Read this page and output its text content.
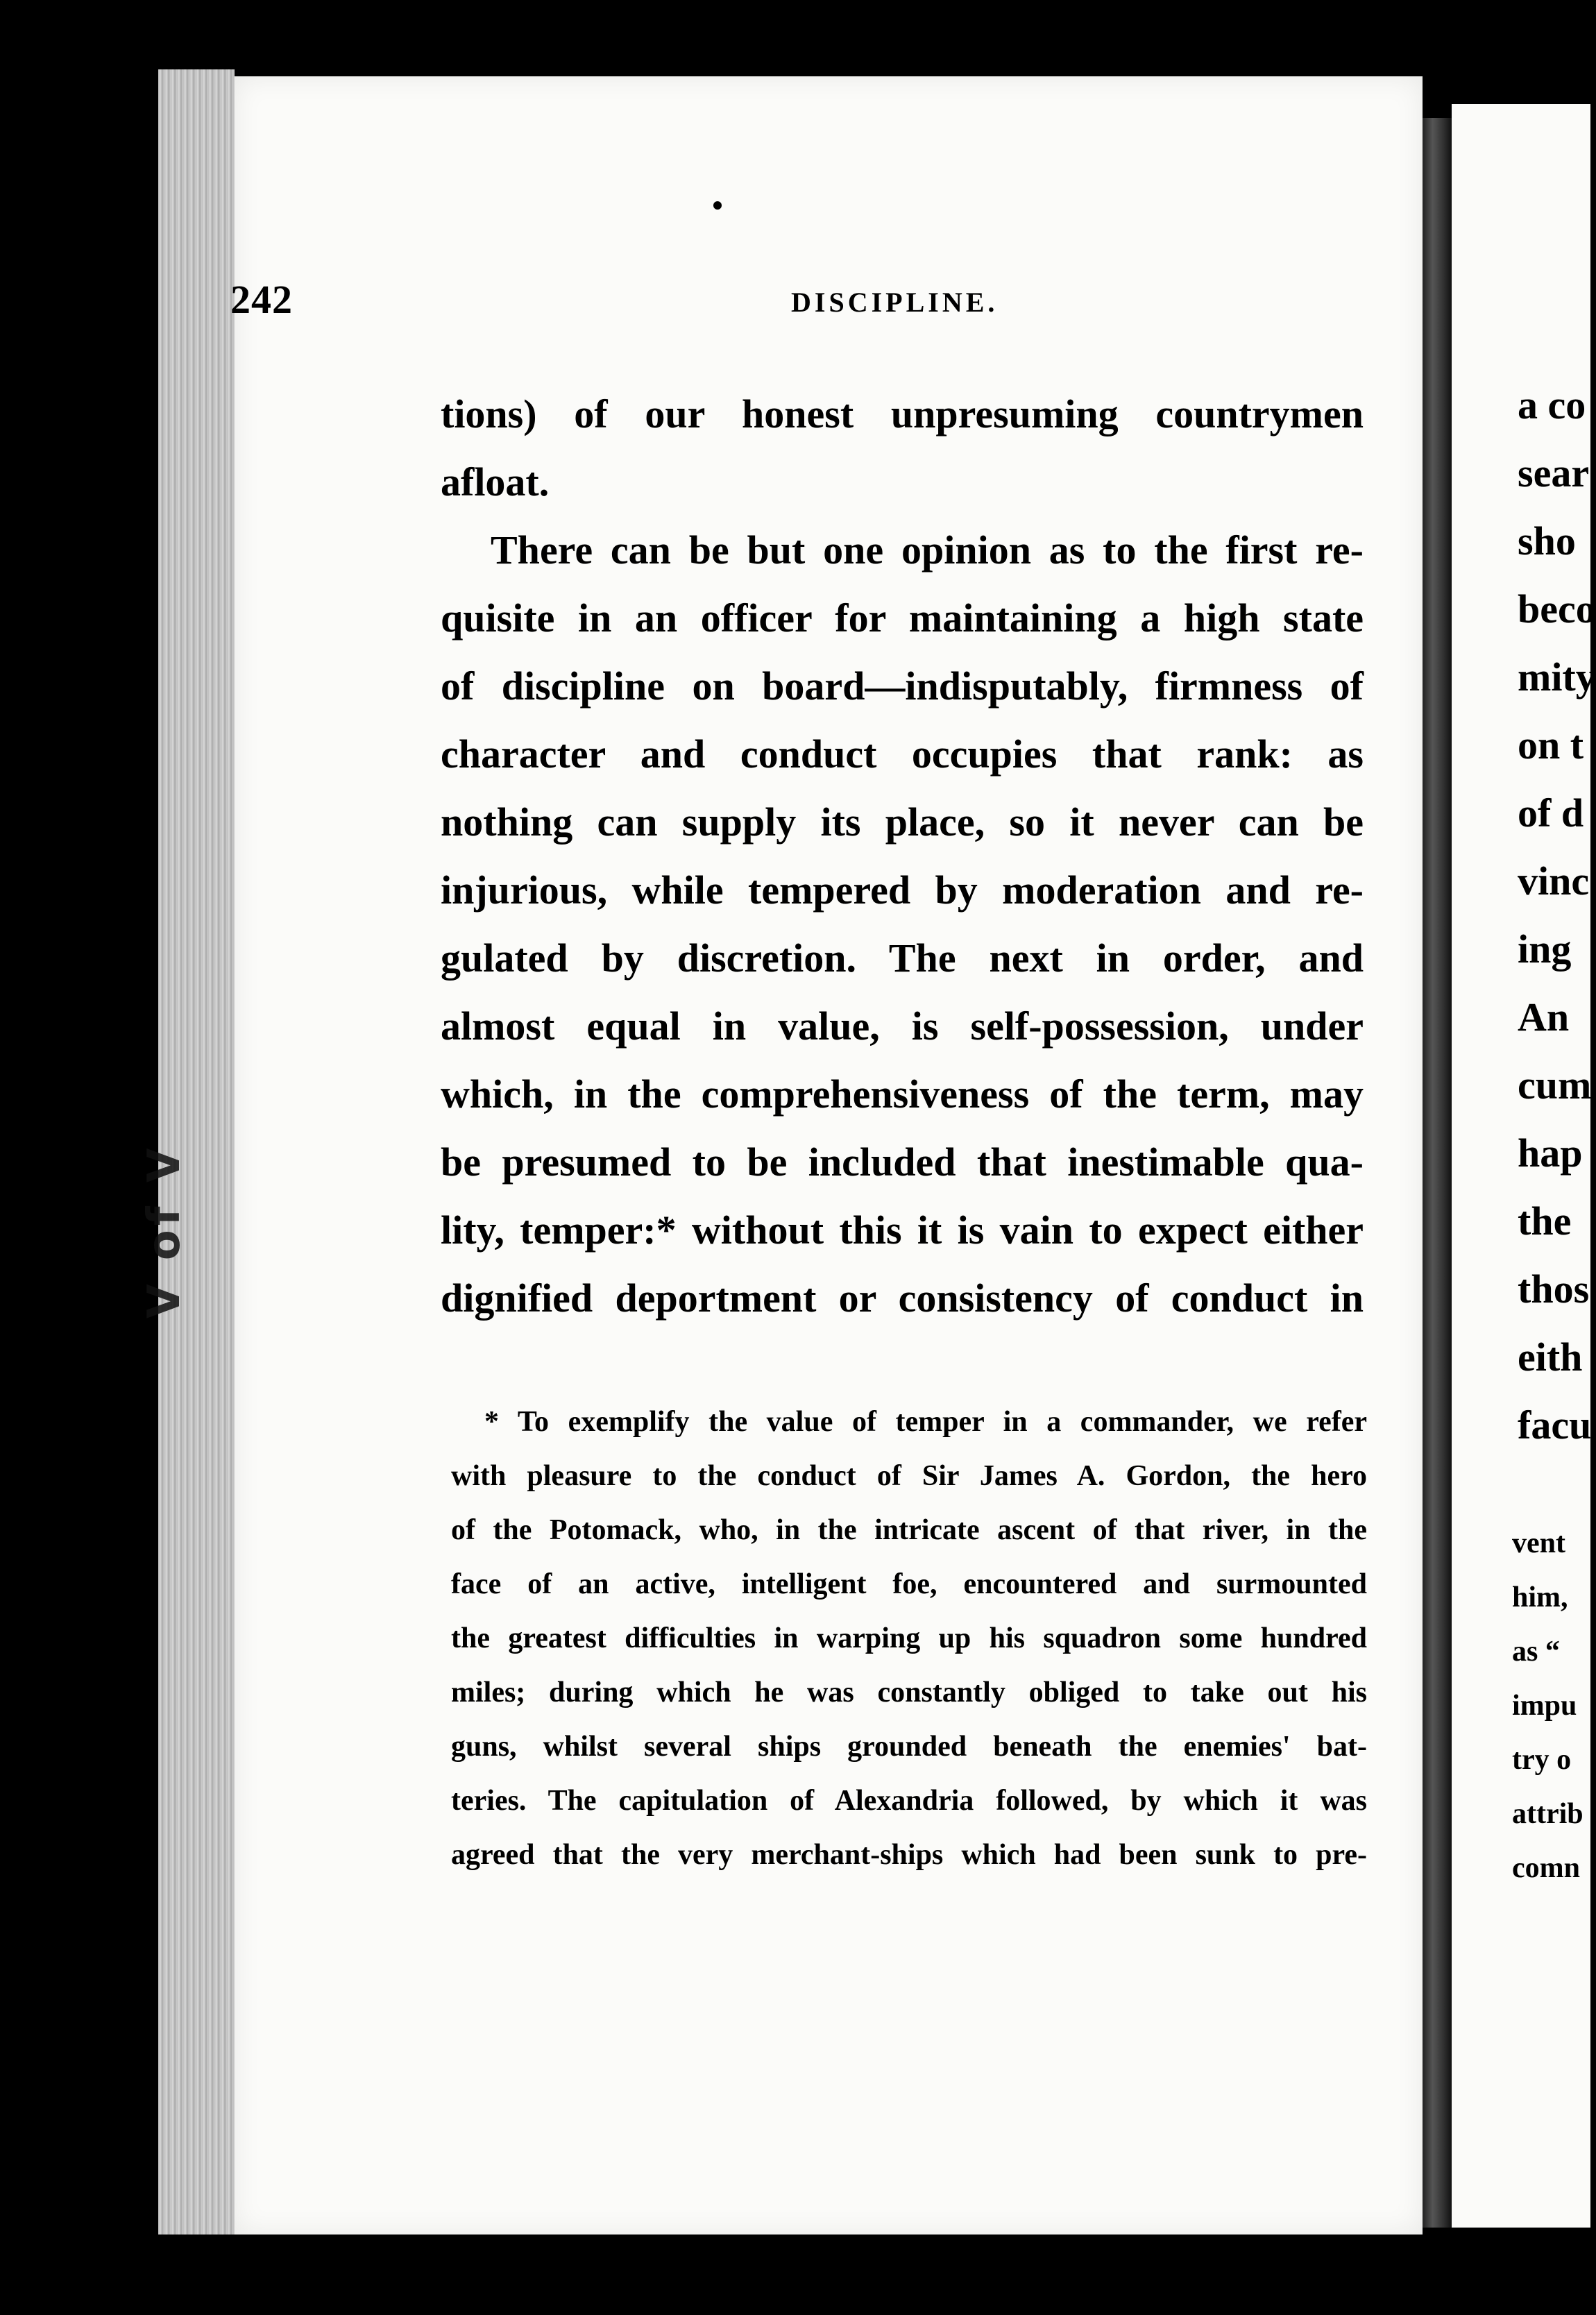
V of V
a co
sear
sho
beco
mity
on t
of d
vinc
ing
An
cum
hap
the
thos
eith
facu
vent
him,
as “
impu
try o
attrib
comn
242	DISCIPLINE.
tions) of our honest unpresuming countrymen
afloat.
There can be but one opinion as to the first re-
quisite in an officer for maintaining a high state
of discipline on board—indisputably, firmness of
character and conduct occupies that rank: as
nothing can supply its place, so it never can be
injurious, while tempered by moderation and re-
gulated by discretion. The next in order, and
almost equal in value, is self-possession, under
which, in the comprehensiveness of the term, may
be presumed to be included that inestimable qua-
lity, temper:* without this it is vain to expect either
dignified deportment or consistency of conduct in
* To exemplify the value of temper in a commander, we refer
with pleasure to the conduct of Sir James A. Gordon, the hero
of the Potomack, who, in the intricate ascent of that river, in the
face of an active, intelligent foe, encountered and surmounted
the greatest difficulties in warping up his squadron some hundred
miles; during which he was constantly obliged to take out his
guns, whilst several ships grounded beneath the enemies' bat-
teries. The capitulation of Alexandria followed, by which it was
agreed that the very merchant-ships which had been sunk to pre-
